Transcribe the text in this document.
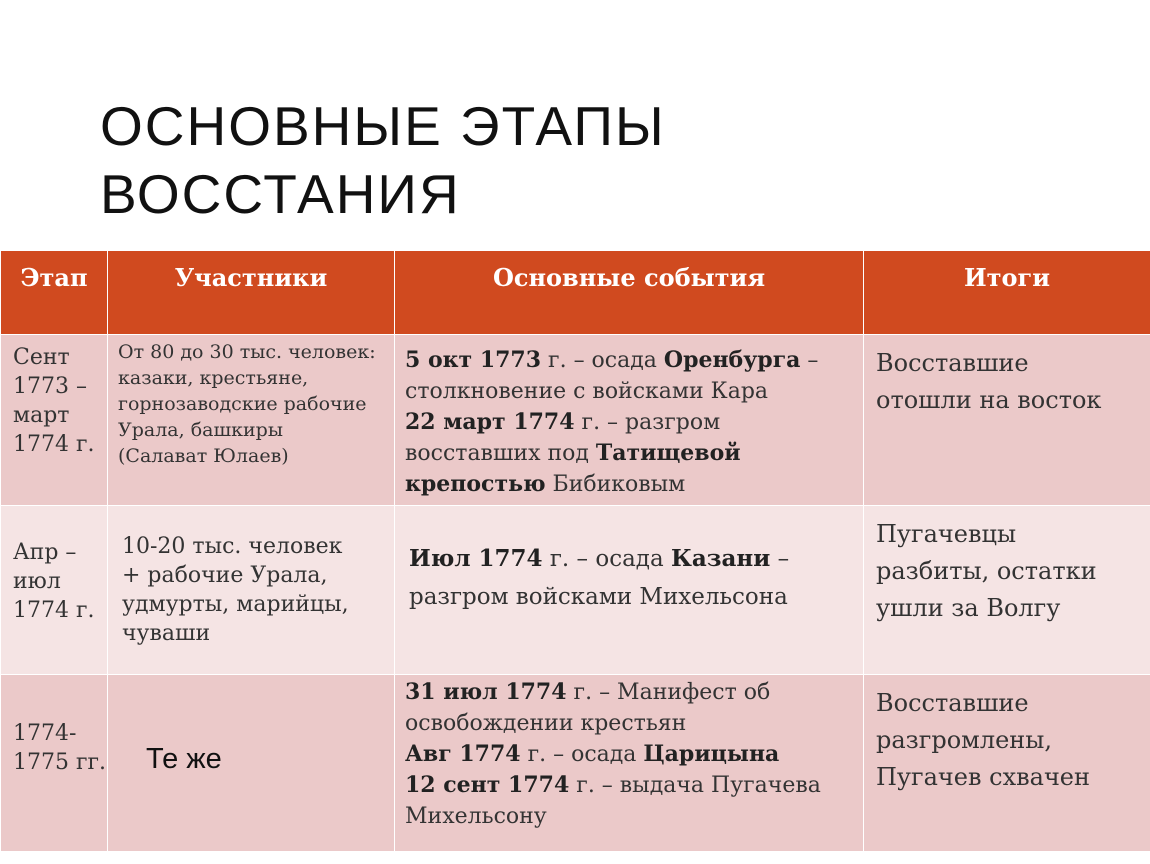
ОСНОВНЫЕ ЭТАПЫ
ВОССТАНИЯ
Этап	Участники	Основные события	Итоги

Сент
1773 –
март
1774 г.	От 80 до 30 тыс. человек:
казаки, крестьяне,
горнозаводские рабочие
Урала, башкиры
(Салават Юлаев)	5 окт 1773 г. – осада Оренбурга –
столкновение с войсками Кара
22 март 1774 г. – разгром
восставших под Татищевой
крепостью Бибиковым	Восставшие
отошли на восток

Апр –
июл
1774 г.	10-20 тыс. человек
+ рабочие Урала,
удмурты, марийцы,
чуваши	Июл 1774 г. – осада Казани –
разгром войсками Михельсона	Пугачевцы
разбиты, остатки
ушли за Волгу

1774-
1775 гг.	Те же	31 июл 1774 г. – Манифест об
освобождении крестьян
Авг 1774 г. – осада Царицына
12 сент 1774 г. – выдача Пугачева
Михельсону	Восставшие
разгромлены,
Пугачев схвачен
